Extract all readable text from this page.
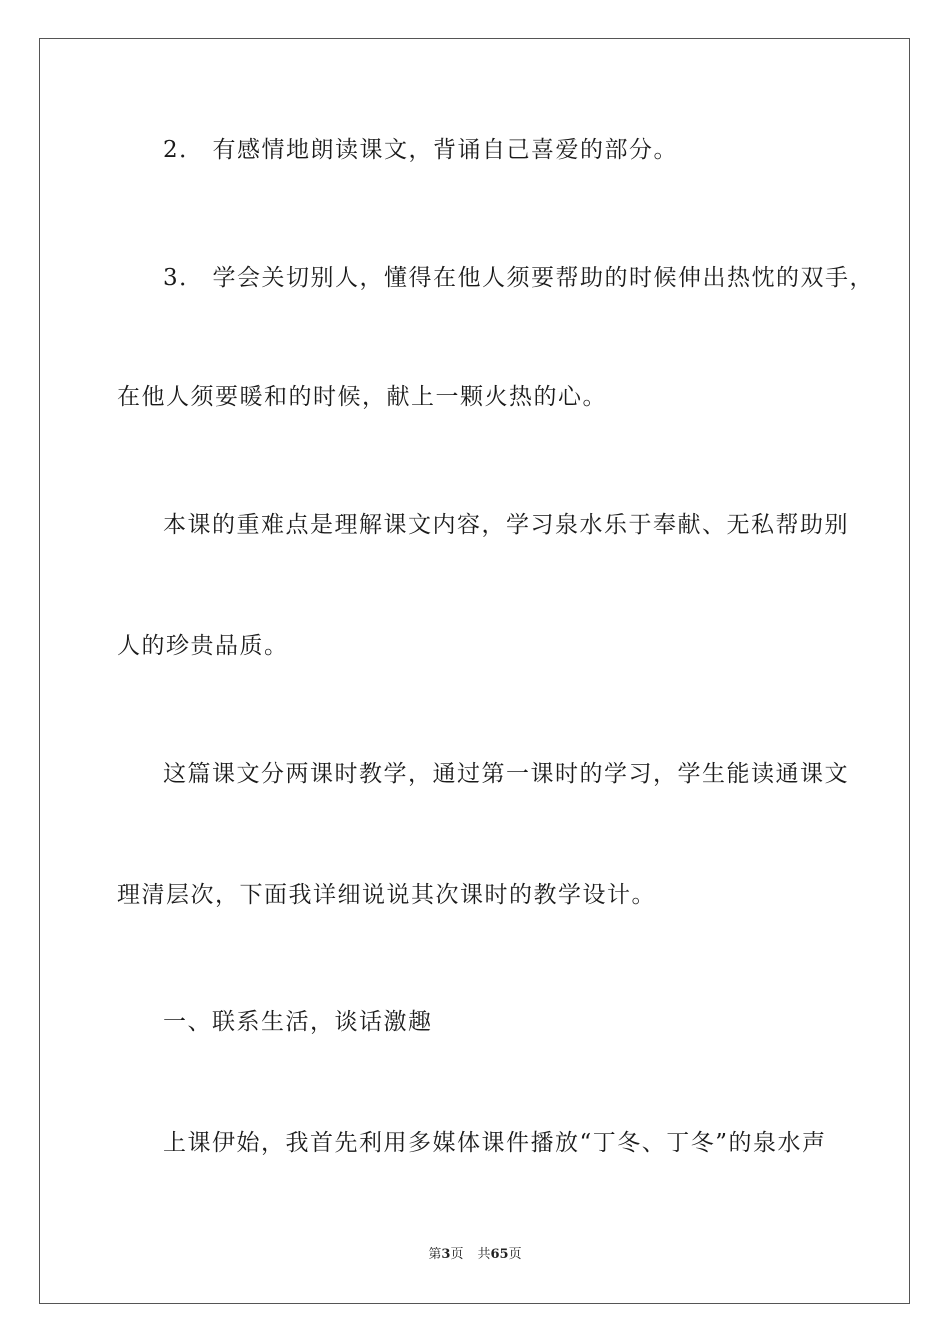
2． 有感情地朗读课文，背诵自己喜爱的部分。
3． 学会关切别人，懂得在他人须要帮助的时候伸出热忱的双手，
在他人须要暖和的时候，献上一颗火热的心。
本课的重难点是理解课文内容，学习泉水乐于奉献、无私帮助别
人的珍贵品质。
这篇课文分两课时教学，通过第一课时的学习，学生能读通课文
理清层次，下面我详细说说其次课时的教学设计。
一、联系生活，谈话激趣
上课伊始，我首先利用多媒体课件播放“丁冬、丁冬”的泉水声
第3页 共65页
